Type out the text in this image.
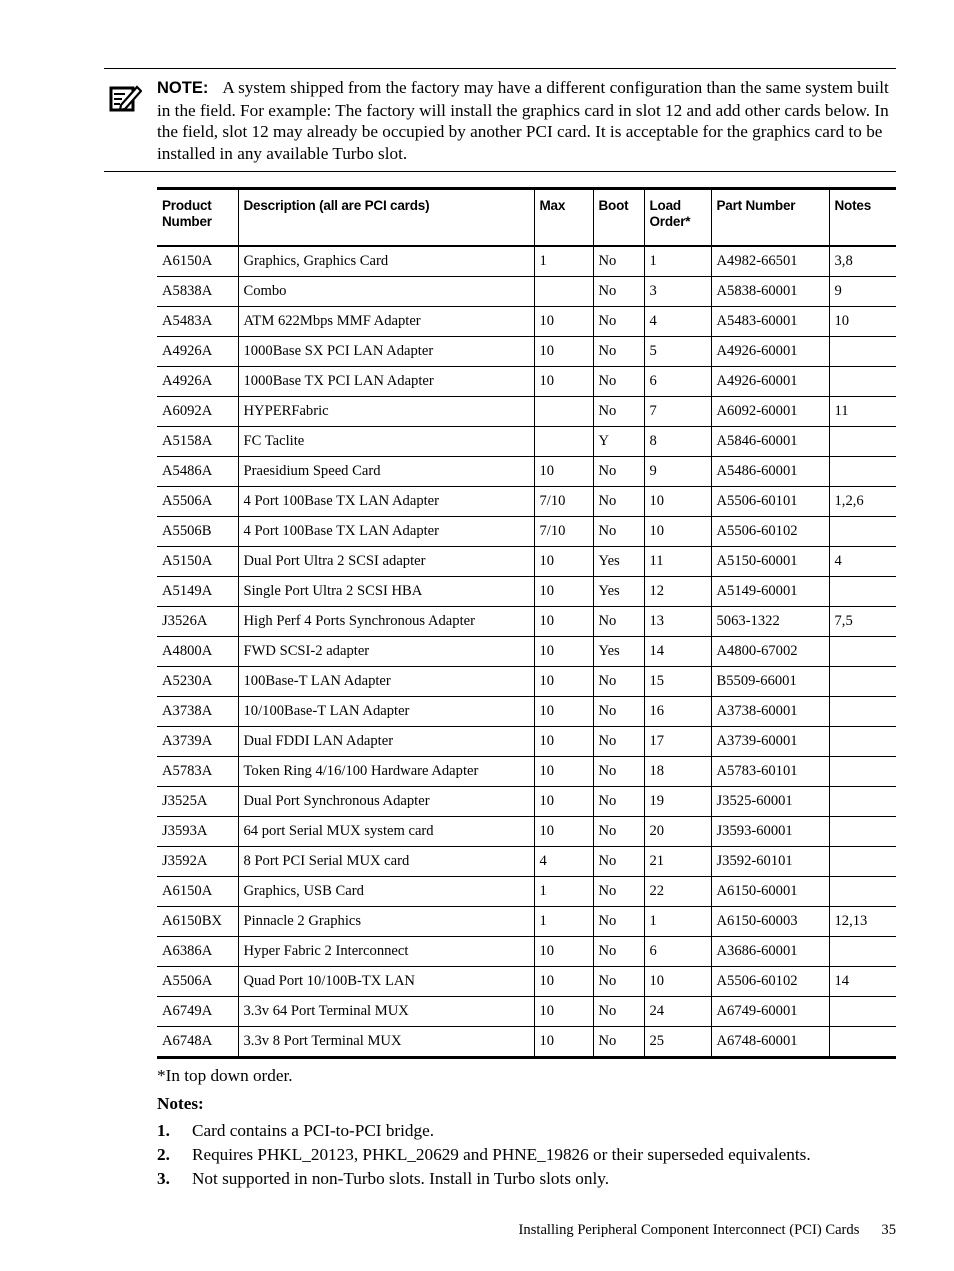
NOTE: A system shipped from the factory may have a different configuration than the same system built in the field. For example: The factory will install the graphics card in slot 12 and add other cards below. In the field, slot 12 may already be occupied by another PCI card. It is acceptable for the graphics card to be installed in any available Turbo slot.
Product Number	Description (all are PCI cards)	Max	Boot	Load Order*	Part Number	Notes
A6150A	Graphics, Graphics Card	1	No	1	A4982-66501	3,8
A5838A	Combo		No	3	A5838-60001	9
A5483A	ATM 622Mbps MMF Adapter	10	No	4	A5483-60001	10
A4926A	1000Base SX PCI LAN Adapter	10	No	5	A4926-60001	
A4926A	1000Base TX PCI LAN Adapter	10	No	6	A4926-60001	
A6092A	HYPERFabric		No	7	A6092-60001	11
A5158A	FC Taclite		Y	8	A5846-60001	
A5486A	Praesidium Speed Card	10	No	9	A5486-60001	
A5506A	4 Port 100Base TX LAN Adapter	7/10	No	10	A5506-60101	1,2,6
A5506B	4 Port 100Base TX LAN Adapter	7/10	No	10	A5506-60102	
A5150A	Dual Port Ultra 2 SCSI adapter	10	Yes	11	A5150-60001	4
A5149A	Single Port Ultra 2 SCSI HBA	10	Yes	12	A5149-60001	
J3526A	High Perf 4 Ports Synchronous Adapter	10	No	13	5063-1322	7,5
A4800A	FWD SCSI-2 adapter	10	Yes	14	A4800-67002	
A5230A	100Base-T LAN Adapter	10	No	15	B5509-66001	
A3738A	10/100Base-T LAN Adapter	10	No	16	A3738-60001	
A3739A	Dual FDDI LAN Adapter	10	No	17	A3739-60001	
A5783A	Token Ring 4/16/100 Hardware Adapter	10	No	18	A5783-60101	
J3525A	Dual Port Synchronous Adapter	10	No	19	J3525-60001	
J3593A	64 port Serial MUX system card	10	No	20	J3593-60001	
J3592A	8 Port PCI Serial MUX card	4	No	21	J3592-60101	
A6150A	Graphics, USB Card	1	No	22	A6150-60001	
A6150BX	Pinnacle 2 Graphics	1	No	1	A6150-60003	12,13
A6386A	Hyper Fabric 2 Interconnect	10	No	6	A3686-60001	
A5506A	Quad Port 10/100B-TX LAN	10	No	10	A5506-60102	14
A6749A	3.3v 64 Port Terminal MUX	10	No	24	A6749-60001	
A6748A	3.3v 8 Port Terminal MUX	10	No	25	A6748-60001	
*In top down order.
Notes:
1. Card contains a PCI-to-PCI bridge.
2. Requires PHKL_20123, PHKL_20629 and PHNE_19826 or their superseded equivalents.
3. Not supported in non-Turbo slots. Install in Turbo slots only.
Installing Peripheral Component Interconnect (PCI) Cards 35
